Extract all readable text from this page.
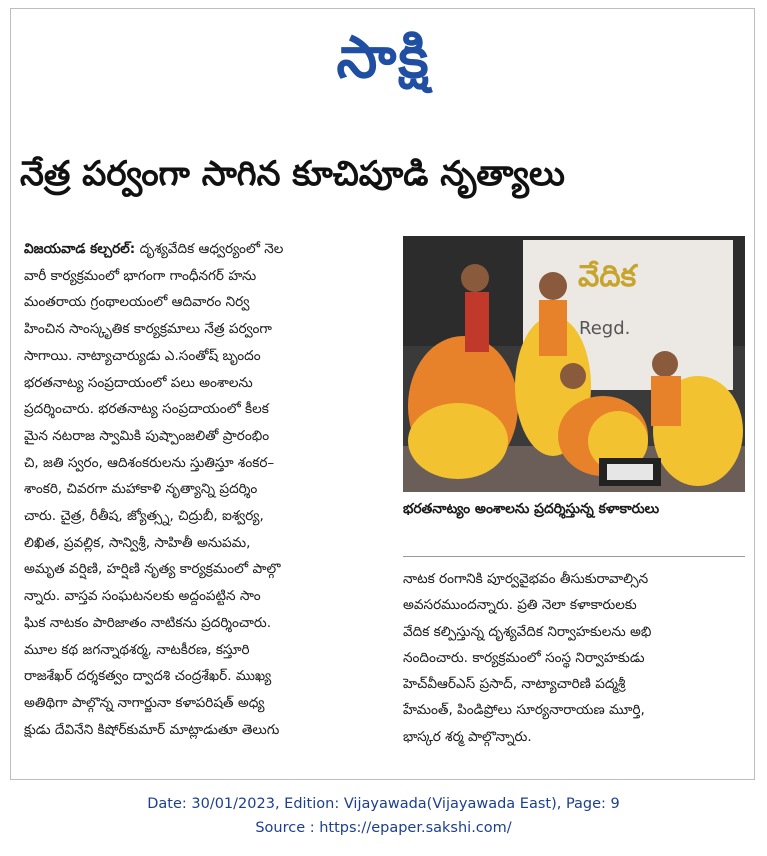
సాక్షి
నేత్ర పర్వంగా సాగిన కూచిపూడి నృత్యాలు
విజయవాడ కల్చరల్‌: దృశ్యవేదిక ఆధ్వర్యంలో నెల
వారీ కార్యక్రమంలో భాగంగా గాంధీనగర్‌ హను
మంతరాయ గ్రంథాలయంలో ఆదివారం నిర్వ
హించిన సాంస్కృతిక కార్యక్రమాలు నేత్ర పర్వంగా
సాగాయి. నాట్యాచార్యుడు ఎ.సంతోష్‌ బృందం
భరతనాట్య సంప్రదాయంలో పలు అంశాలను
ప్రదర్శించారు. భరతనాట్య సంప్రదాయంలో కీలక
మైన నటరాజ స్వామికి పుష్పాంజలితో ప్రారంభిం
చి, జతి స్వరం, ఆదిశంకరులను స్తుతిస్తూ శంకర–
శాంకరి, చివరగా మహాకాళి నృత్యాన్ని ప్రదర్శిం
చారు. చైత్ర, రీతీష, జ్యోత్స్న, చిద్రుబీ, ఐశ్వర్య,
లిఖిత, ప్రవల్లిక, సాన్విశ్రీ, సాహితీ అనుపమ,
అమృత వర్షిణి, హర్షిణి నృత్య కార్యక్రమంలో పాల్గొ
న్నారు. వాస్తవ సంఘటనలకు అద్దంపట్టిన సాం
ఘిక నాటకం పారిజాతం నాటికను ప్రదర్శించారు.
మూల కథ జగన్నాథశర్మ, నాటకీరణ, కస్తూరి
రాజశేఖర్‌ దర్శకత్వం ద్వాదశి చంద్రశేఖర్‌. ముఖ్య
అతిథిగా పాల్గొన్న నాగార్జునా కళాపరిషత్‌ అధ్య
క్షుడు దేవినేని కిషోర్‌కుమార్‌ మాట్లాడుతూ తెలుగు
వేదిక
Regd.
భరతనాట్యం అంశాలను ప్రదర్శిస్తున్న కళాకారులు
నాటక రంగానికి పూర్వవైభవం తీసుకురావాల్సిన
అవసరముందన్నారు. ప్రతి నెలా కళాకారులకు
వేదిక కల్పిస్తున్న దృశ్యవేదిక నిర్వాహకులను అభి
నందించారు. కార్యక్రమంలో సంస్థ నిర్వాహకుడు
హెచ్‌వీఆర్‌ఎస్‌ ప్రసాద్‌, నాట్యాచారిణి పద్మశ్రీ
హేమంత్‌, పిండిప్రోలు సూర్యనారాయణ మూర్తి,
భాస్కర శర్మ పాల్గొన్నారు.
Date: 30/01/2023, Edition: Vijayawada(Vijayawada East), Page: 9
Source : https://epaper.sakshi.com/
